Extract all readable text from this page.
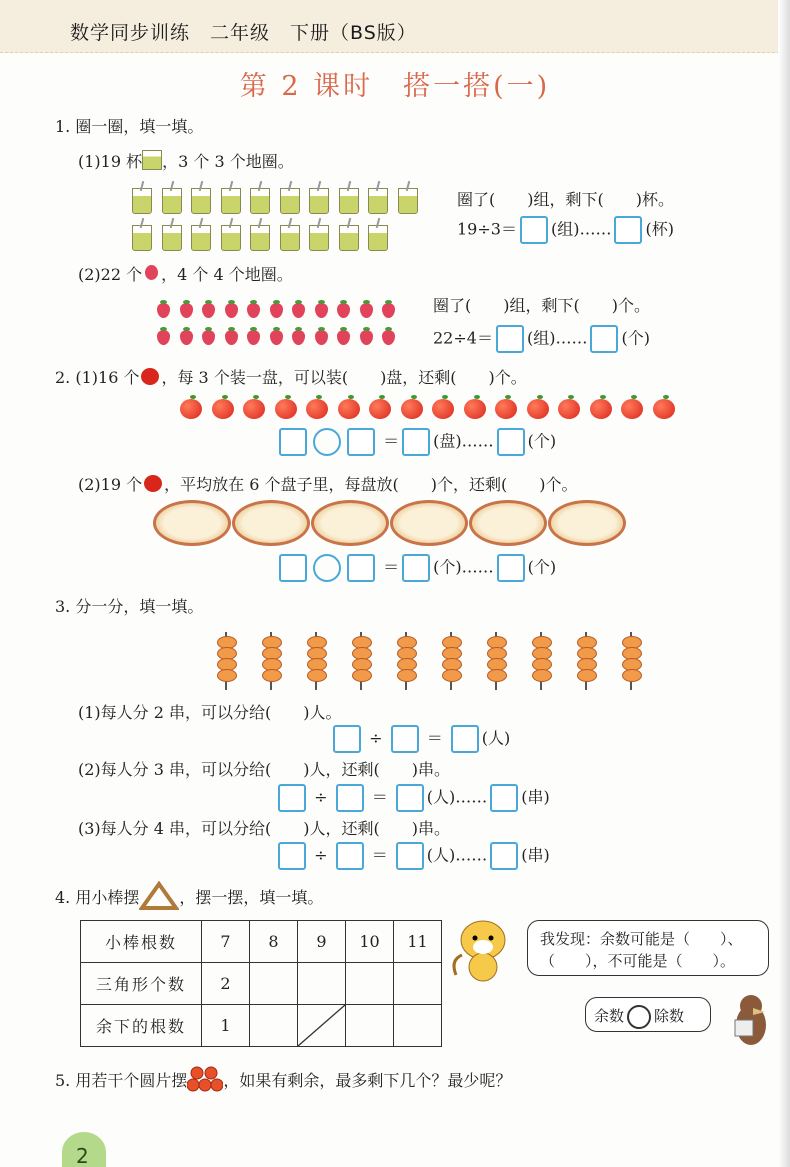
数学同步训练　二年级　下册（BS版）
第 2 课时　搭一搭(一)
1. 圈一圈，填一填。
(1)19 杯 ，3 个 3 个地圈。
圈了(　　)组，剩下(　　)杯。
19÷3＝ (组)…… (杯)
(2)22 个 ，4 个 4 个地圈。
圈了(　　)组，剩下(　　)个。
22÷4＝ (组)…… (个)
2. (1)16 个 ，每 3 个装一盘，可以装(　　)盘，还剩(　　)个。
＝ (盘)…… (个)
(2)19 个 ，平均放在 6 个盘子里，每盘放(　　)个，还剩(　　)个。
＝ (个)…… (个)
3. 分一分，填一填。
(1)每人分 2 串，可以分给(　　)人。
÷	＝ (人)
(2)每人分 3 串，可以分给(　　)人，还剩(　　)串。
÷	＝ (人)…… (串)
(3)每人分 4 串，可以分给(　　)人，还剩(　　)串。
÷	＝ (人)…… (串)
4. 用小棒摆	，摆一摆，填一填。
小棒根数	7	8	9	10	11
三角形个数	2				
余下的根数	1		

我发现：余数可能是（　　）、
（　　），不可能是（　　）。
余数 除数
5. 用若干个圆片摆 ，如果有剩余，最多剩下几个？最少呢？
2
